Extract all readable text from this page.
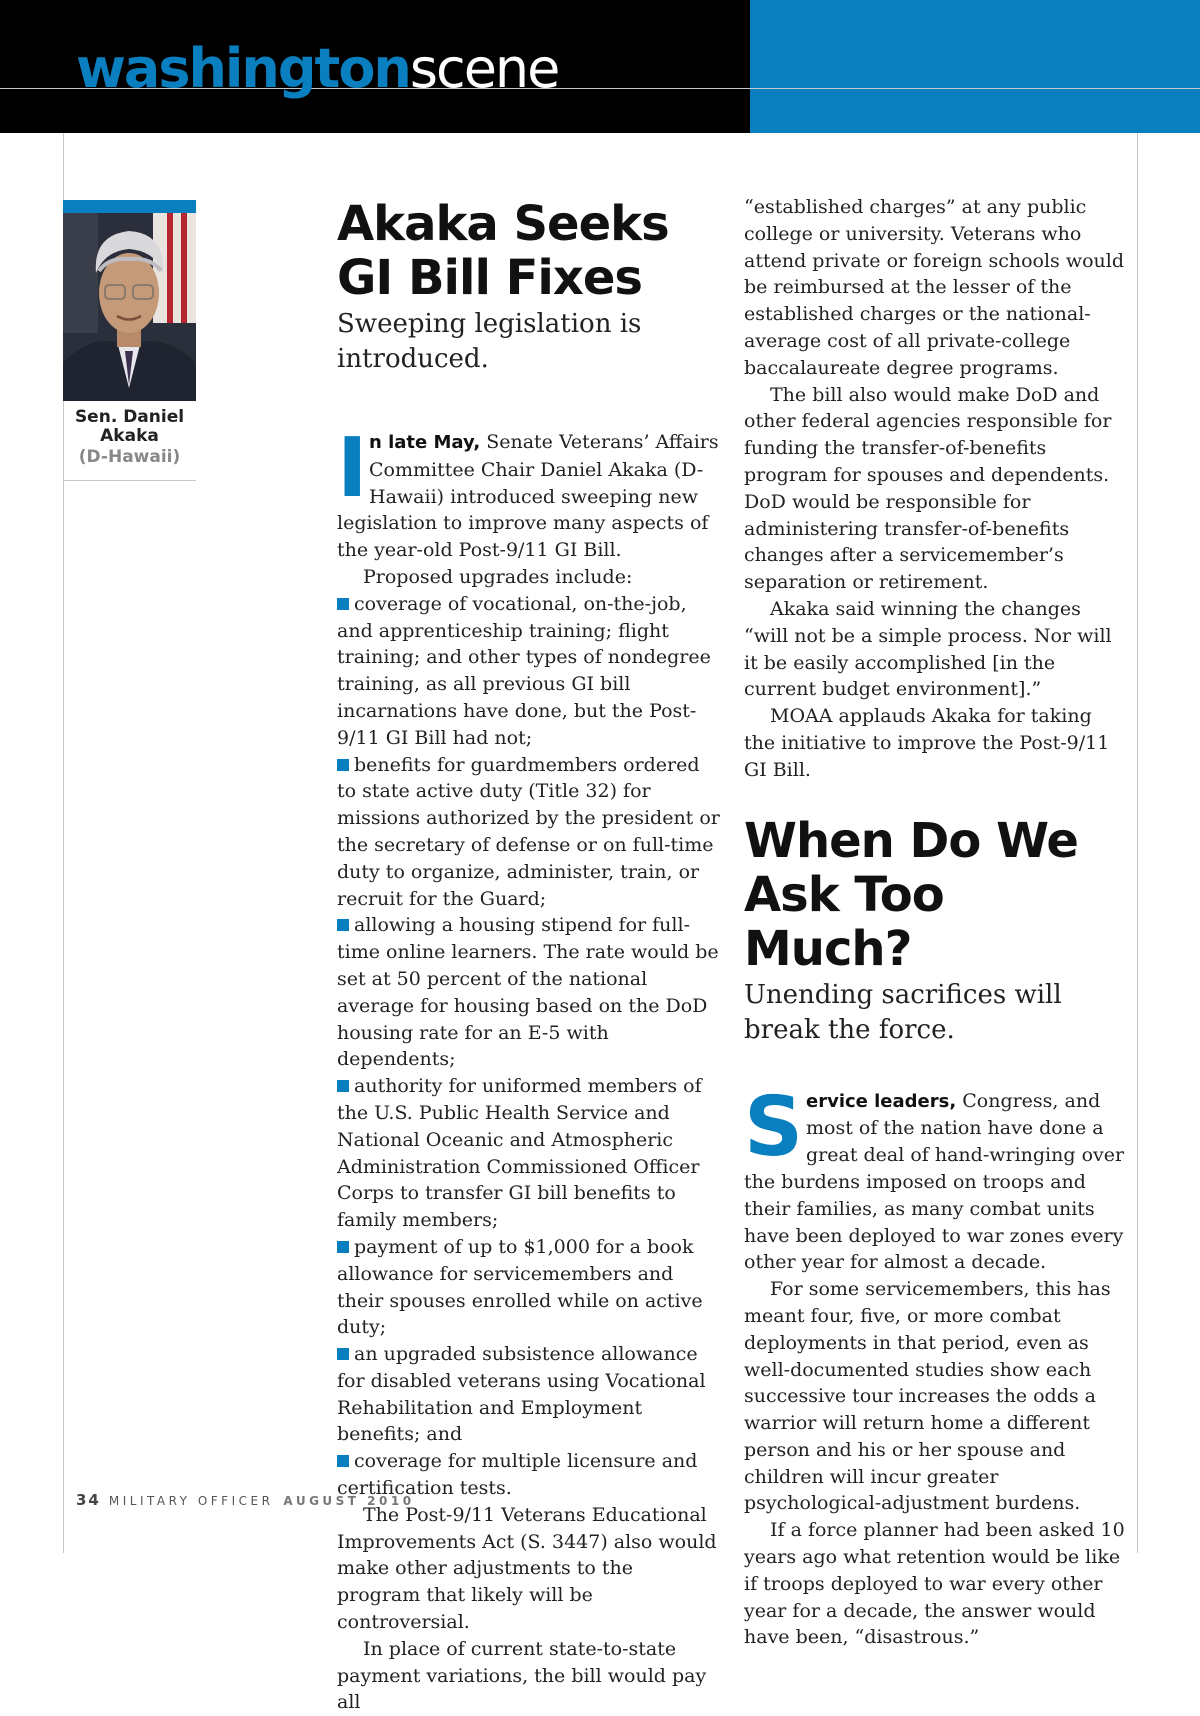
washingtonscene
Sen. Daniel Akaka
(D-Hawaii)
Akaka Seeks GI Bill Fixes
Sweeping legislation is introduced.

In late May, Senate Veterans’ Affairs Committee Chair Daniel Akaka (D-Hawaii) introduced sweeping new legislation to improve many aspects of the year-old Post-9/11 GI Bill.

Proposed upgrades include:

coverage of vocational, on-the-job, and apprenticeship training; flight training; and other types of nondegree training, as all previous GI bill incarnations have done, but the Post-9/11 GI Bill had not;

benefits for guardmembers ordered to state active duty (Title 32) for missions authorized by the president or the secretary of defense or on full-time duty to organize, administer, train, or recruit for the Guard;

allowing a housing stipend for full-time online learners. The rate would be set at 50 percent of the national average for housing based on the DoD housing rate for an E-5 with dependents;

authority for uniformed members of the U.S. Public Health Service and National Oceanic and Atmospheric Administration Commissioned Officer Corps to transfer GI bill benefits to family members;

payment of up to $1,000 for a book allowance for servicemembers and their spouses enrolled while on active duty;

an upgraded subsistence allowance for disabled veterans using Vocational Rehabilitation and Employment benefits; and

coverage for multiple licensure and certification tests.

The Post-9/11 Veterans Educational Improvements Act (S. 3447) also would make other adjustments to the program that likely will be controversial.

In place of current state-to-state payment variations, the bill would pay all

“established charges” at any public college or university. Veterans who attend private or foreign schools would be reimbursed at the lesser of the established charges or the national-average cost of all private-college baccalaureate degree programs.

The bill also would make DoD and other federal agencies responsible for funding the transfer-of-benefits program for spouses and dependents. DoD would be responsible for administering transfer-of-benefits changes after a servicemember’s separation or retirement.

Akaka said winning the changes “will not be a simple process. Nor will it be easily accomplished [in the current budget environment].”

MOAA applauds Akaka for taking the initiative to improve the Post-9/11 GI Bill.

When Do We Ask Too Much?
Unending sacrifices will break the force.

Service leaders, Congress, and most of the nation have done a great deal of hand-wringing over the burdens imposed on troops and their families, as many combat units have been deployed to war zones every other year for almost a decade.

For some servicemembers, this has meant four, five, or more combat deployments in that period, even as well-documented studies show each successive tour increases the odds a warrior will return home a different person and his or her spouse and children will incur greater psychological-adjustment burdens.

If a force planner had been asked 10 years ago what retention would be like if troops deployed to war every other year for a decade, the answer would have been, “disastrous.”

34 MILITARY OFFICER AUGUST 2010
